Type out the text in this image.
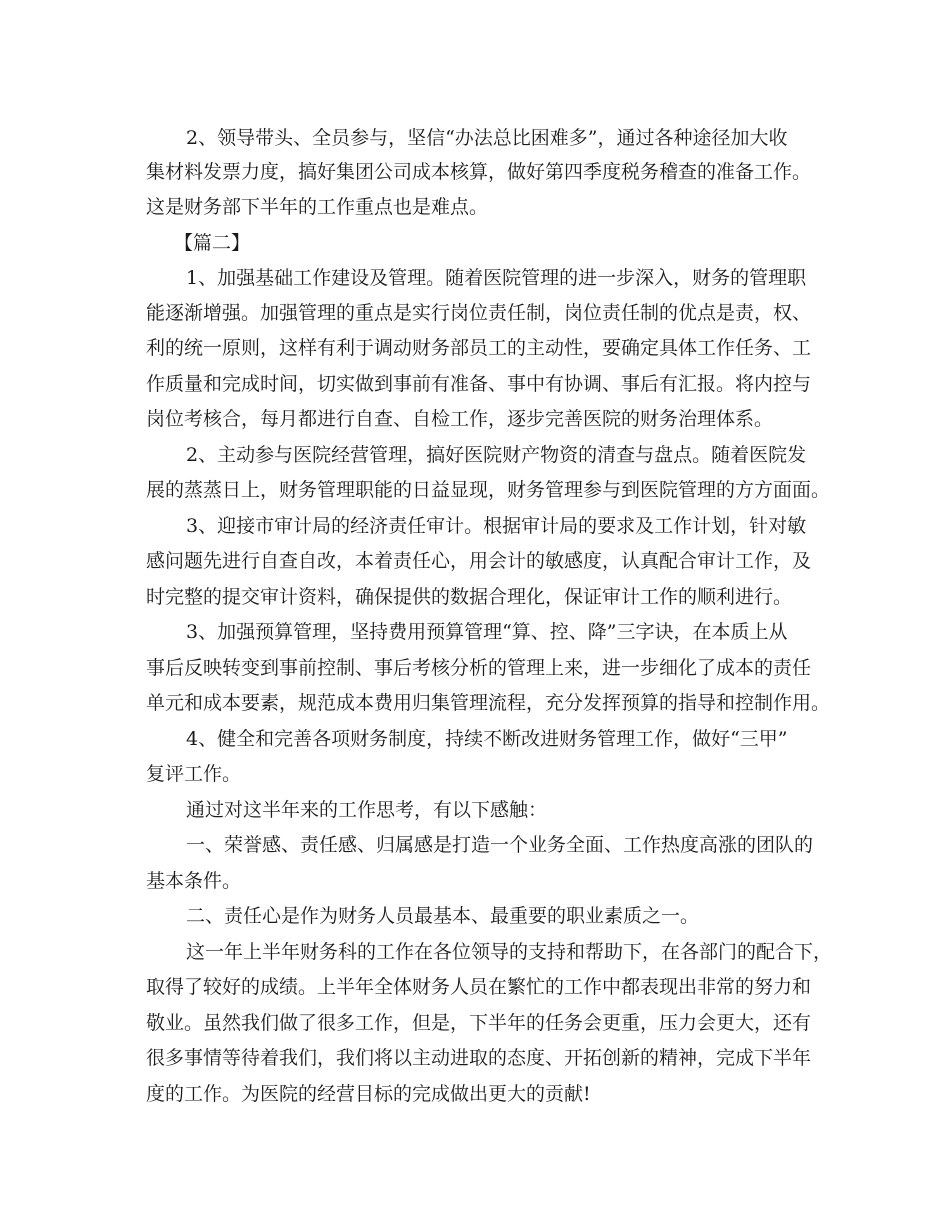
2、领导带头、全员参与，坚信“办法总比困难多”，通过各种途径加大收

集材料发票力度，搞好集团公司成本核算，做好第四季度税务稽查的准备工作。

这是财务部下半年的工作重点也是难点。

【篇二】

1、加强基础工作建设及管理。随着医院管理的进一步深入，财务的管理职

能逐渐增强。加强管理的重点是实行岗位责任制，岗位责任制的优点是责，权、

利的统一原则，这样有利于调动财务部员工的主动性，要确定具体工作任务、工

作质量和完成时间，切实做到事前有准备、事中有协调、事后有汇报。将内控与

岗位考核合，每月都进行自查、自检工作，逐步完善医院的财务治理体系。

2、主动参与医院经营管理，搞好医院财产物资的清查与盘点。随着医院发

展的蒸蒸日上，财务管理职能的日益显现，财务管理参与到医院管理的方方面面。

3、迎接市审计局的经济责任审计。根据审计局的要求及工作计划，针对敏

感问题先进行自查自改，本着责任心，用会计的敏感度，认真配合审计工作，及

时完整的提交审计资料，确保提供的数据合理化，保证审计工作的顺利进行。

3、加强预算管理，坚持费用预算管理“算、控、降”三字诀，在本质上从

事后反映转变到事前控制、事后考核分析的管理上来，进一步细化了成本的责任

单元和成本要素，规范成本费用归集管理流程，充分发挥预算的指导和控制作用。

4、健全和完善各项财务制度，持续不断改进财务管理工作，做好“三甲”

复评工作。

通过对这半年来的工作思考，有以下感触：

一、荣誉感、责任感、归属感是打造一个业务全面、工作热度高涨的团队的

基本条件。

二、责任心是作为财务人员最基本、最重要的职业素质之一。

这一年上半年财务科的工作在各位领导的支持和帮助下，在各部门的配合下，

取得了较好的成绩。上半年全体财务人员在繁忙的工作中都表现出非常的努力和

敬业。虽然我们做了很多工作，但是，下半年的任务会更重，压力会更大，还有

很多事情等待着我们，我们将以主动进取的态度、开拓创新的精神，完成下半年

度的工作。为医院的经营目标的完成做出更大的贡献!
